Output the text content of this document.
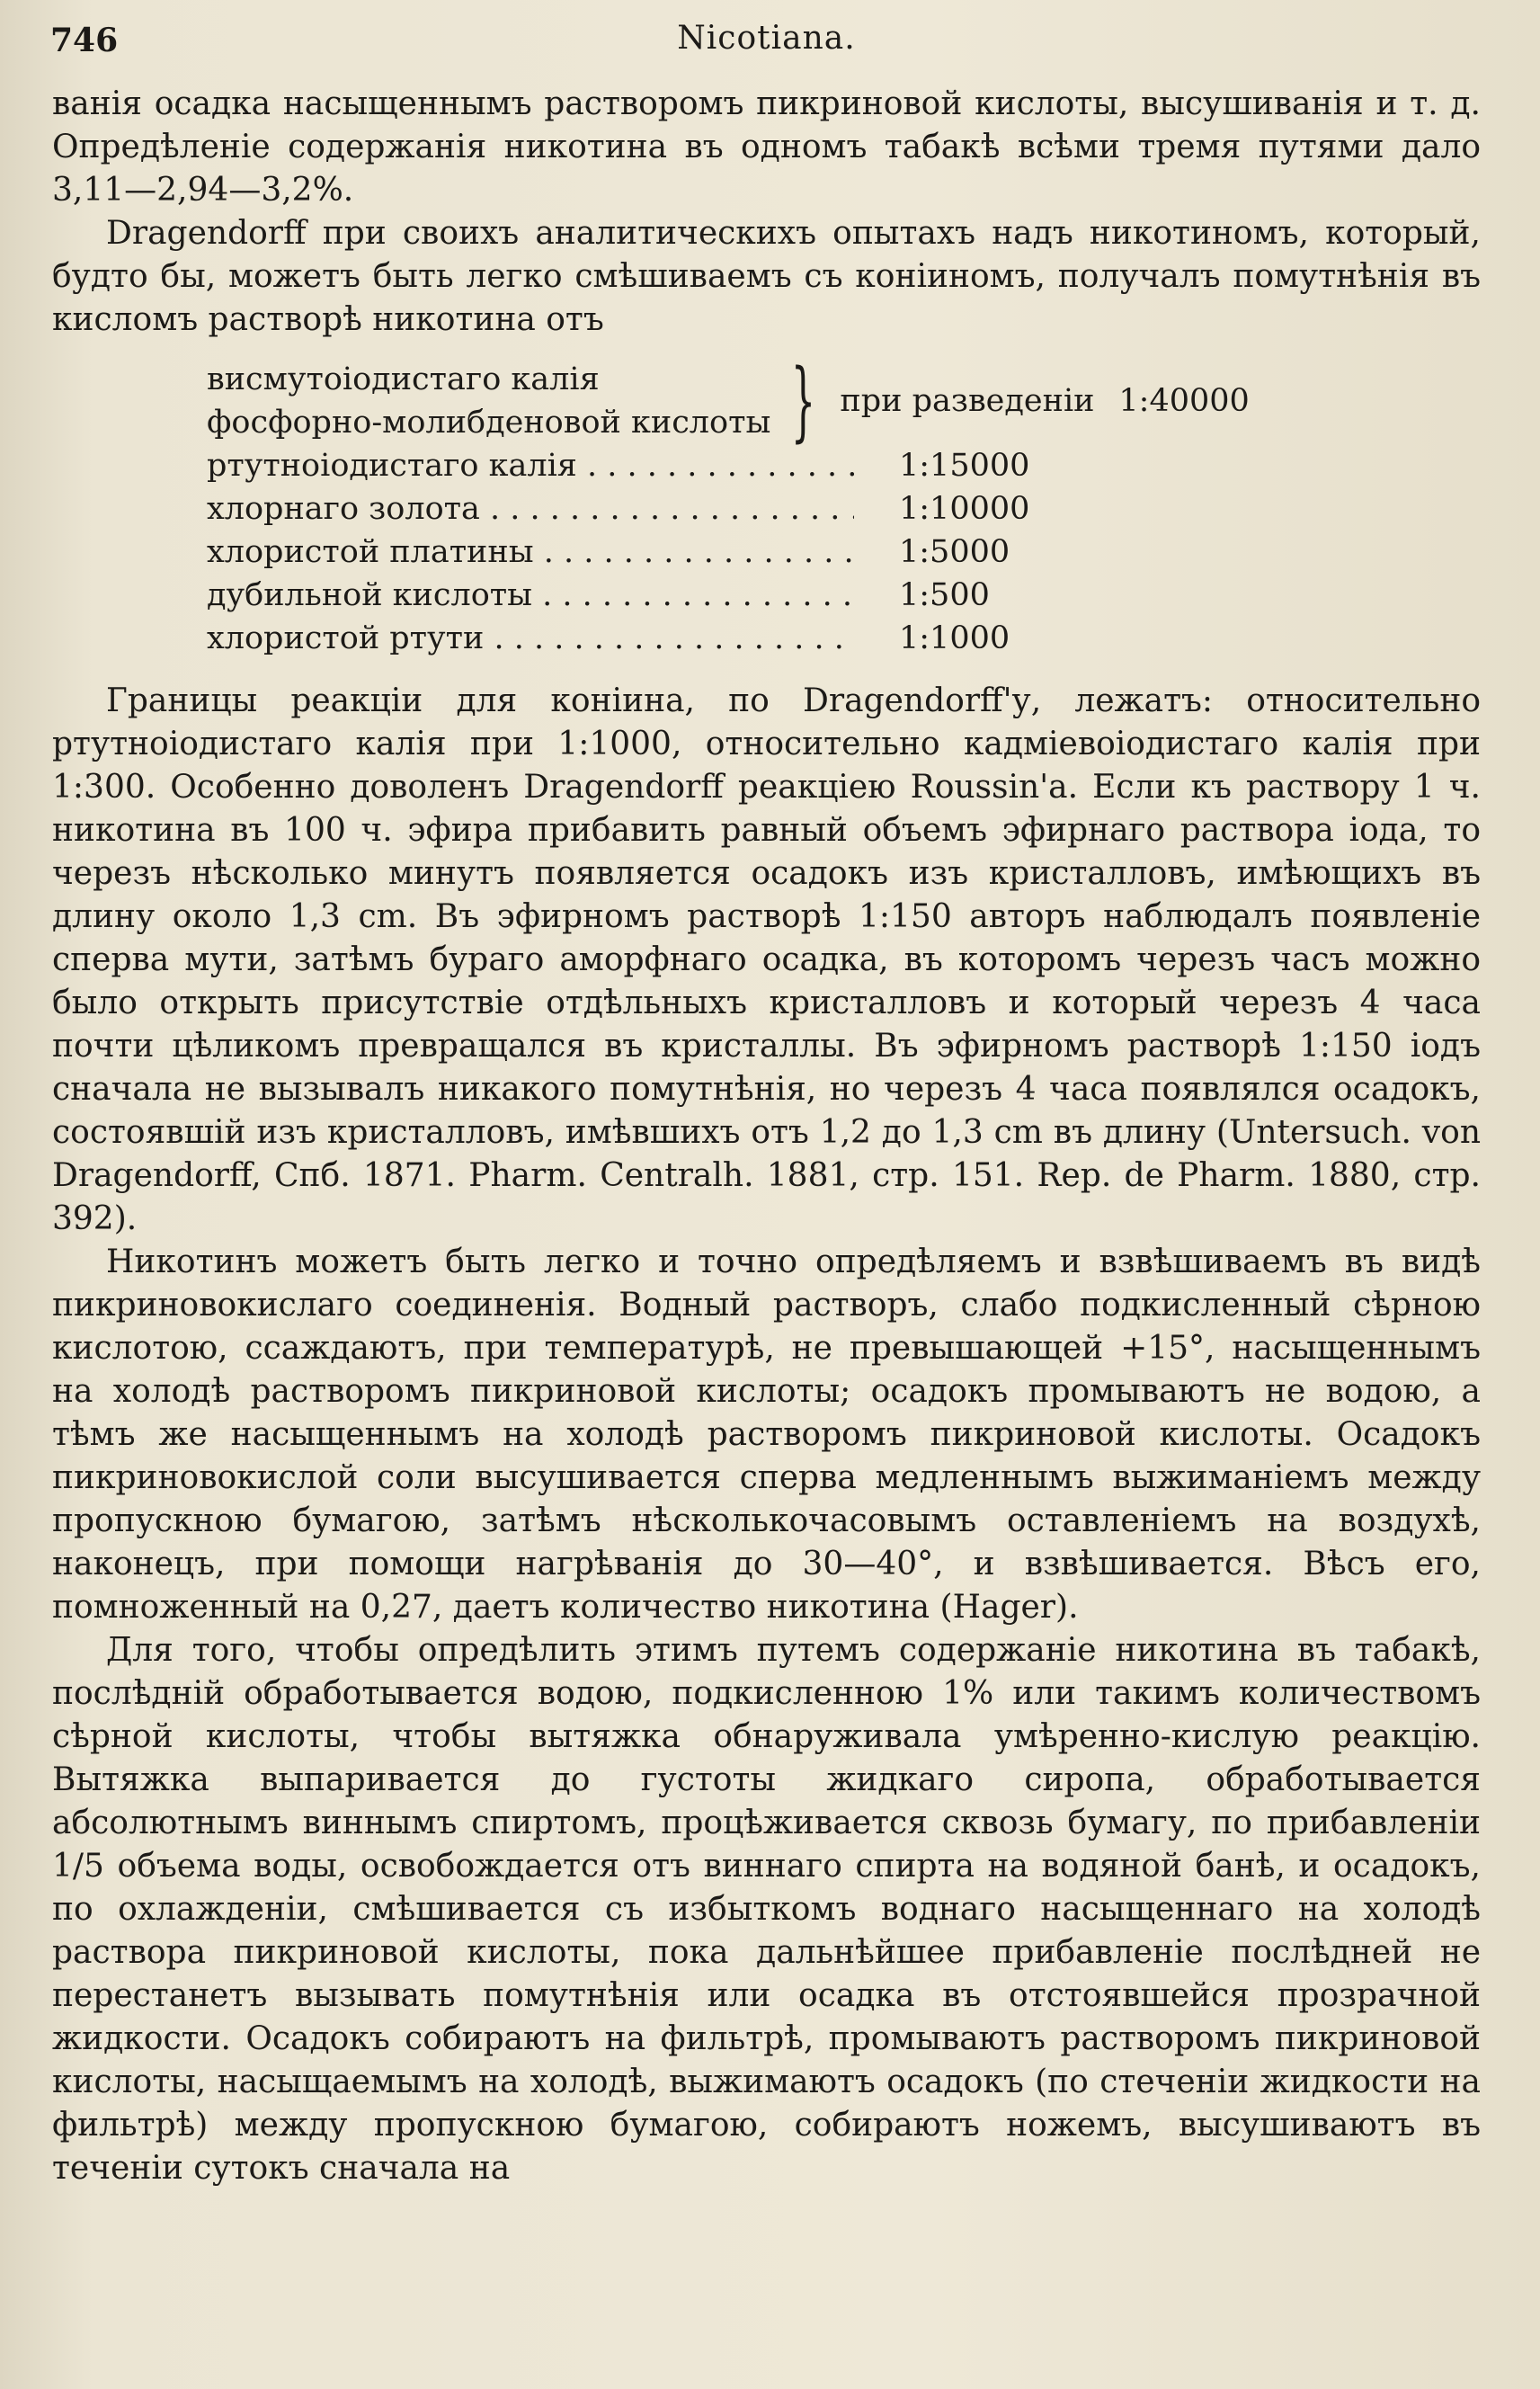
746	Nicotiana.

ванія осадка насыщеннымъ растворомъ пикриновой кислоты, высушиванія и т. д. Опредѣленіе содержанія никотина въ одномъ табакѣ всѣми тремя путями дало 3,11—2,94—3,2%.

Dragendorff при своихъ аналитическихъ опытахъ надъ никотиномъ, который, будто бы, можетъ быть легко смѣшиваемъ съ коніиномъ, получалъ помутнѣнія въ кисломъ растворѣ никотина отъ

висмутоіодистаго калія
фосфорно-молибденовой кислоты } при разведеніи 1:40000
ртутноіодистаго калія . . .	1:15000
хлорнаго золота . . .	1:10000
хлористой платины . . .	1:5000
дубильной кислоты . . .	1:500
хлористой ртути . . .	1:1000

Границы реакціи для коніина, по Dragendorff'у, лежатъ: относительно ртутноіодистаго калія при 1:1000, относительно кадміевоіодистаго калія при 1:300. Особенно доволенъ Dragendorff реакціею Roussin'a. Если къ раствору 1 ч. никотина въ 100 ч. эфира прибавить равный объемъ эфирнаго раствора іода, то черезъ нѣсколько минутъ появляется осадокъ изъ кристалловъ, имѣющихъ въ длину около 1,3 cm. Въ эфирномъ растворѣ 1:150 авторъ наблюдалъ появленіе сперва мути, затѣмъ бураго аморфнаго осадка, въ которомъ черезъ часъ можно было открыть присутствіе отдѣльныхъ кристалловъ и который черезъ 4 часа почти цѣликомъ превращался въ кристаллы. Въ эфирномъ растворѣ 1:150 іодъ сначала не вызывалъ никакого помутнѣнія, но черезъ 4 часа появлялся осадокъ, состоявшій изъ кристалловъ, имѣвшихъ отъ 1,2 до 1,3 cm въ длину (Untersuch. von Dragendorff, Спб. 1871. Pharm. Centralh. 1881, стр. 151. Rep. de Pharm. 1880, стр. 392).

Никотинъ можетъ быть легко и точно опредѣляемъ и взвѣшиваемъ въ видѣ пикриновокислаго соединенія. Водный растворъ, слабо подкисленный сѣрною кислотою, ссаждаютъ, при температурѣ, не превышающей +15°, насыщеннымъ на холодѣ растворомъ пикриновой кислоты; осадокъ промываютъ не водою, а тѣмъ же насыщеннымъ на холодѣ растворомъ пикриновой кислоты. Осадокъ пикриновокислой соли высушивается сперва медленнымъ выжиманіемъ между пропускною бумагою, затѣмъ нѣсколькочасовымъ оставленіемъ на воздухѣ, наконецъ, при помощи нагрѣванія до 30—40°, и взвѣшивается. Вѣсъ его, помноженный на 0,27, даетъ количество никотина (Hager).

Для того, чтобы опредѣлить этимъ путемъ содержаніе никотина въ табакѣ, послѣдній обработывается водою, подкисленною 1% или такимъ количествомъ сѣрной кислоты, чтобы вытяжка обнаруживала умѣренно-кислую реакцію. Вытяжка выпаривается до густоты жидкаго сиропа, обработывается абсолютнымъ виннымъ спиртомъ, процѣживается сквозь бумагу, по прибавленіи 1/5 объема воды, освобождается отъ виннаго спирта на водяной банѣ, и осадокъ, по охлажденіи, смѣшивается съ избыткомъ воднаго насыщеннаго на холодѣ раствора пикриновой кислоты, пока дальнѣйшее прибавленіе послѣдней не перестанетъ вызывать помутнѣнія или осадка въ отстоявшейся прозрачной жидкости. Осадокъ собираютъ на фильтрѣ, промываютъ растворомъ пикриновой кислоты, насыщаемымъ на холодѣ, выжимаютъ осадокъ (по стеченіи жидкости на фильтрѣ) между пропускною бумагою, собираютъ ножемъ, высушиваютъ въ теченіи сутокъ сначала на
